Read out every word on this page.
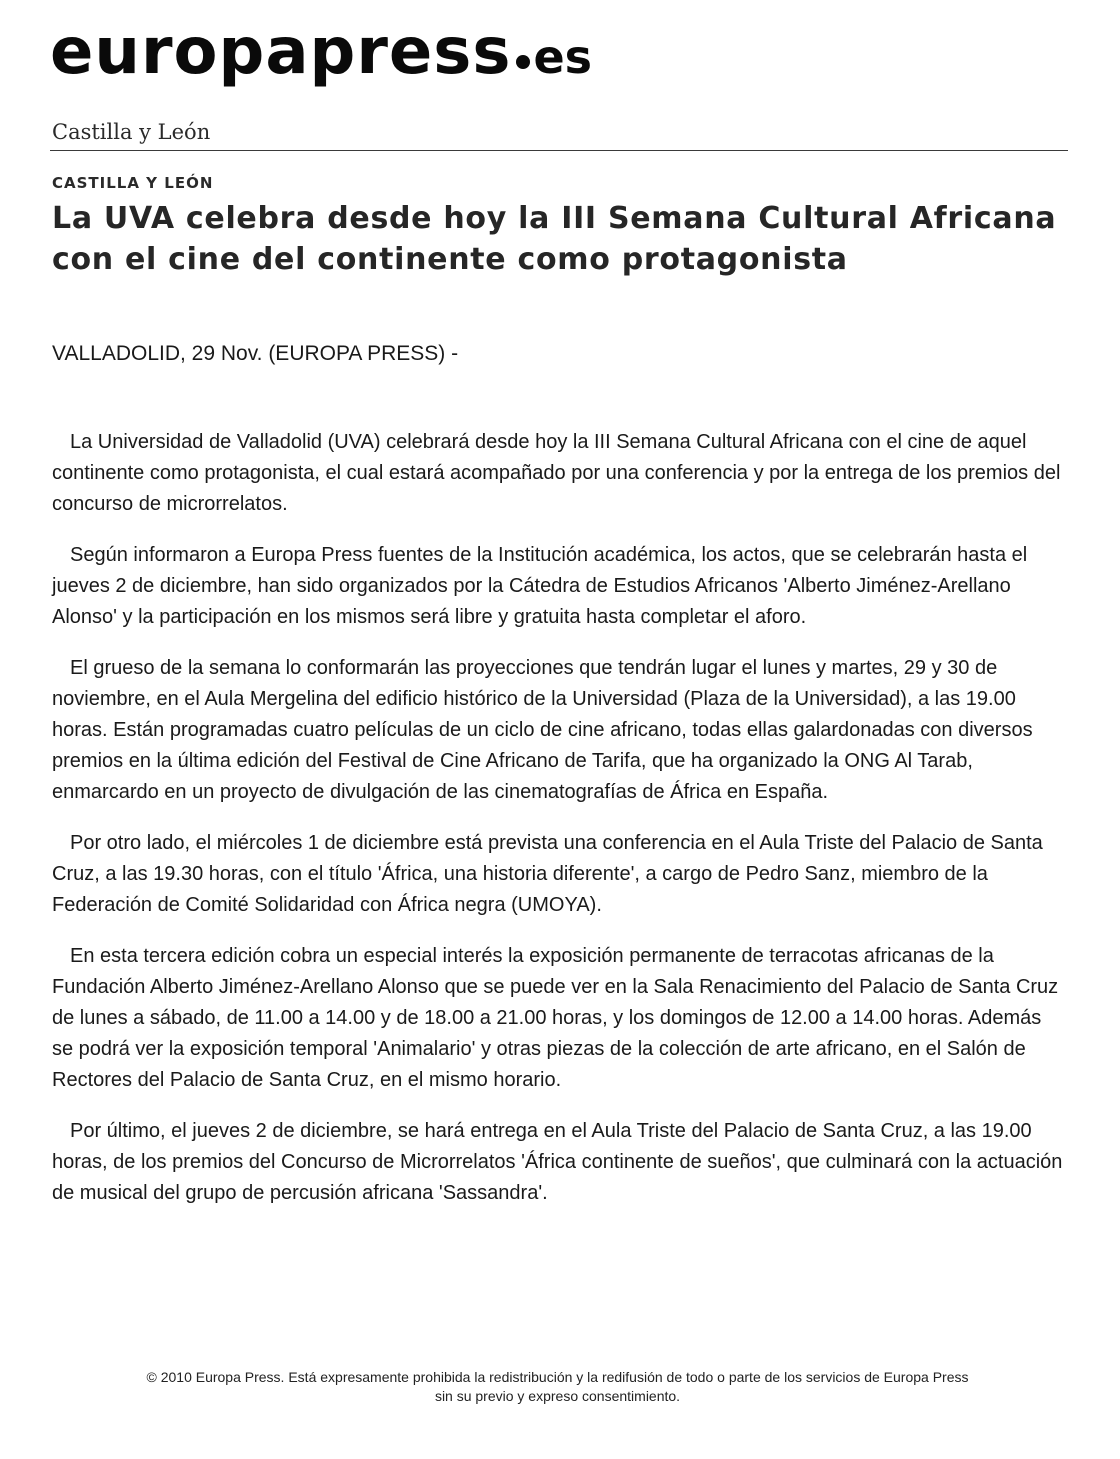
europapress es
Castilla y León
CASTILLA Y LEÓN
La UVA celebra desde hoy la III Semana Cultural Africana con el cine del continente como protagonista
VALLADOLID, 29 Nov. (EUROPA PRESS) -

La Universidad de Valladolid (UVA) celebrará desde hoy la III Semana Cultural Africana con el cine de aquel continente como protagonista, el cual estará acompañado por una conferencia y por la entrega de los premios del concurso de microrrelatos.

Según informaron a Europa Press fuentes de la Institución académica, los actos, que se celebrarán hasta el jueves 2 de diciembre, han sido organizados por la Cátedra de Estudios Africanos 'Alberto Jiménez-Arellano Alonso' y la participación en los mismos será libre y gratuita hasta completar el aforo.

El grueso de la semana lo conformarán las proyecciones que tendrán lugar el lunes y martes, 29 y 30 de noviembre, en el Aula Mergelina del edificio histórico de la Universidad (Plaza de la Universidad), a las 19.00 horas. Están programadas cuatro películas de un ciclo de cine africano, todas ellas galardonadas con diversos premios en la última edición del Festival de Cine Africano de Tarifa, que ha organizado la ONG Al Tarab, enmarcardo en un proyecto de divulgación de las cinematografías de África en España.

Por otro lado, el miércoles 1 de diciembre está prevista una conferencia en el Aula Triste del Palacio de Santa Cruz, a las 19.30 horas, con el título 'África, una historia diferente', a cargo de Pedro Sanz, miembro de la Federación de Comité Solidaridad con África negra (UMOYA).

En esta tercera edición cobra un especial interés la exposición permanente de terracotas africanas de la Fundación Alberto Jiménez-Arellano Alonso que se puede ver en la Sala Renacimiento del Palacio de Santa Cruz de lunes a sábado, de 11.00 a 14.00 y de 18.00 a 21.00 horas, y los domingos de 12.00 a 14.00 horas. Además se podrá ver la exposición temporal 'Animalario' y otras piezas de la colección de arte africano, en el Salón de Rectores del Palacio de Santa Cruz, en el mismo horario.

Por último, el jueves 2 de diciembre, se hará entrega en el Aula Triste del Palacio de Santa Cruz, a las 19.00 horas, de los premios del Concurso de Microrrelatos 'África continente de sueños', que culminará con la actuación de musical del grupo de percusión africana 'Sassandra'.

© 2010 Europa Press. Está expresamente prohibida la redistribución y la redifusión de todo o parte de los servicios de Europa Press
sin su previo y expreso consentimiento.
